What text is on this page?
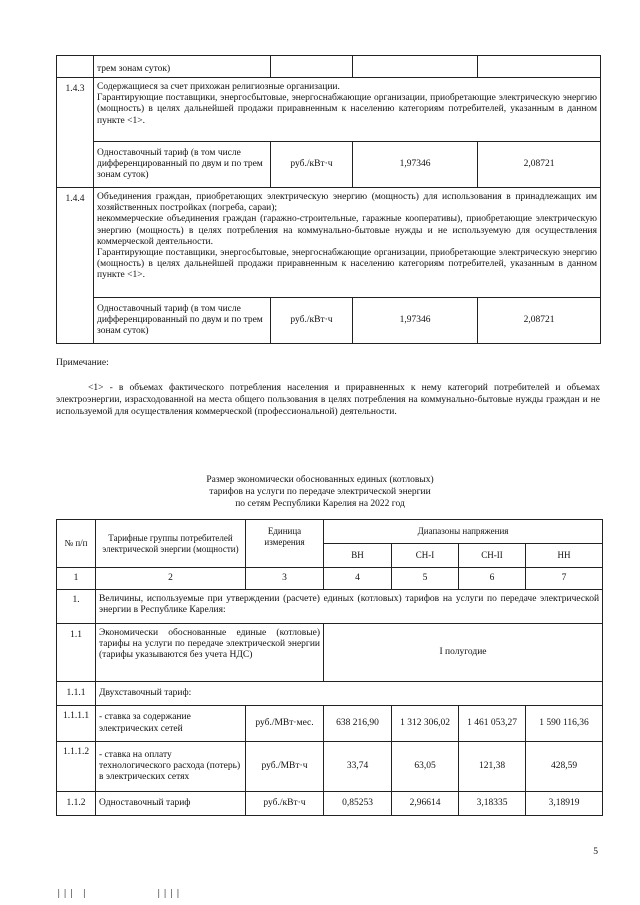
	трем зонам суток)			
1.4.3	Содержащиеся за счет прихожан религиозные организации.
Гарантирующие поставщики, энергосбытовые, энергоснабжающие организации, приобретающие электрическую энергию (мощность) в целях дальнейшей продажи приравненным к населению категориям потребителей, указанным в данном пункте <1>.			
	Одноставочный тариф (в том числе дифференцированный по двум и по трем зонам суток)	руб./кВт·ч	1,97346	2,08721
1.4.4	Объединения граждан, приобретающих электрическую энергию (мощность) для использования в принадлежащих им хозяйственных постройках (погреба, сараи);
некоммерческие объединения граждан (гаражно-строительные, гаражные кооперативы), приобретающие электрическую энергию (мощность) в целях потребления на коммунально-бытовые нужды и не используемую для осуществления коммерческой деятельности.
Гарантирующие поставщики, энергосбытовые, энергоснабжающие организации, приобретающие электрическую энергию (мощность) в целях дальнейшей продажи приравненным к населению категориям потребителей, указанным в данном пункте <1>.			
	Одноставочный тариф (в том числе дифференцированный по двум и по трем зонам суток)	руб./кВт·ч	1,97346	2,08721
Примечание:
<1> - в объемах фактического потребления населения и приравненных к нему категорий потребителей и объемах электроэнергии, израсходованной на места общего пользования в целях потребления на коммунально-бытовые нужды граждан и не используемой для осуществления коммерческой (профессиональной) деятельности.
Размер экономически обоснованных единых (котловых)
тарифов на услуги по передаче электрической энергии
по сетям Республики Карелия на 2022 год
№ п/п	Тарифные группы потребителей электрической энергии (мощности)	Единица измерения	Диапазоны напряжения			
			ВН	СН-I	СН-II	НН
1	2	3	4	5	6	7
1.	Величины, используемые при утверждении (расчете) единых (котловых) тарифов на услуги по передаче электрической энергии в Республике Карелия:					
1.1	Экономически обоснованные единые (котловые) тарифы на услуги по передаче электрической энергии (тарифы указываются без учета НДС)		I полугодие			
1.1.1	Двухставочный тариф:					
1.1.1.1	- ставка за содержание электрических сетей	руб./МВт·мес.	638 216,90	1 312 306,02	1 461 053,27	1 590 116,36
1.1.1.2	- ставка на оплату технологического расхода (потерь) в электрических сетях	руб./МВт·ч	33,74	63,05	121,38	428,59
1.1.2	Одноставочный тариф	руб./кВт·ч	0,85253	2,96614	3,18335	3,18919
5
||| |	||||
